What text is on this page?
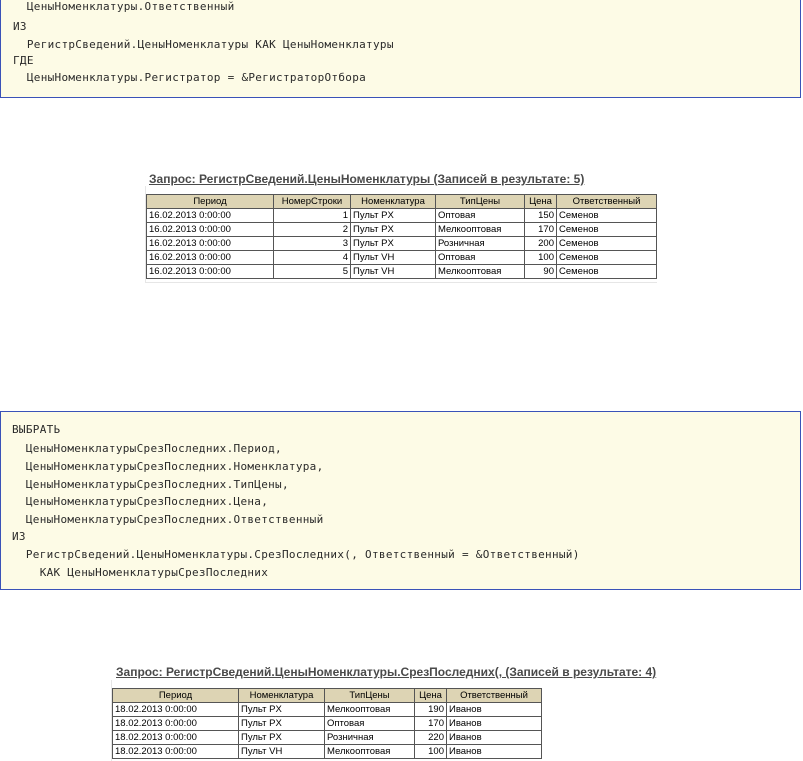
ЦеныНоменклатуры.Ответственный
ИЗ
РегистрСведений.ЦеныНоменклатуры КАК ЦеныНоменклатуры
ГДЕ
ЦеныНоменклатуры.Регистратор = &РегистраторОтбора
Запрос: РегистрСведений.ЦеныНоменклатуры (Записей в результате: 5)
Период	НомерСтроки	Номенклатура	ТипЦены	Цена	Ответственный
16.02.2013 0:00:00	1	Пульт PX	Оптовая	150	Семенов
16.02.2013 0:00:00	2	Пульт PX	Мелкооптовая	170	Семенов
16.02.2013 0:00:00	3	Пульт PX	Розничная	200	Семенов
16.02.2013 0:00:00	4	Пульт VH	Оптовая	100	Семенов
16.02.2013 0:00:00	5	Пульт VH	Мелкооптовая	90	Семенов
ВЫБРАТЬ
ЦеныНоменклатурыСрезПоследних.Период,
ЦеныНоменклатурыСрезПоследних.Номенклатура,
ЦеныНоменклатурыСрезПоследних.ТипЦены,
ЦеныНоменклатурыСрезПоследних.Цена,
ЦеныНоменклатурыСрезПоследних.Ответственный
ИЗ
РегистрСведений.ЦеныНоменклатуры.СрезПоследних(, Ответственный = &Ответственный)
КАК ЦеныНоменклатурыСрезПоследних
Запрос: РегистрСведений.ЦеныНоменклатуры.СрезПоследних(, (Записей в результате: 4)
Период	Номенклатура	ТипЦены	Цена	Ответственный
18.02.2013 0:00:00	Пульт PX	Мелкооптовая	190	Иванов
18.02.2013 0:00:00	Пульт PX	Оптовая	170	Иванов
18.02.2013 0:00:00	Пульт PX	Розничная	220	Иванов
18.02.2013 0:00:00	Пульт VH	Мелкооптовая	100	Иванов
